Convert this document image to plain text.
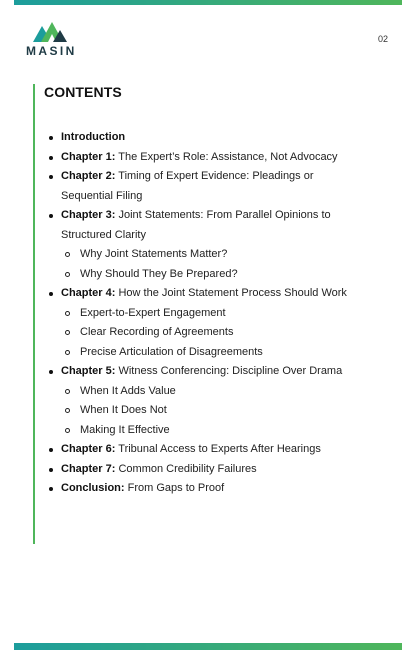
MASIN
02
CONTENTS
Introduction
Chapter 1: The Expert’s Role: Assistance, Not Advocacy
Chapter 2: Timing of Expert Evidence: Pleadings or Sequential Filing
Chapter 3: Joint Statements: From Parallel Opinions to Structured Clarity
Why Joint Statements Matter?
Why Should They Be Prepared?
Chapter 4: How the Joint Statement Process Should Work
Expert-to-Expert Engagement
Clear Recording of Agreements
Precise Articulation of Disagreements
Chapter 5: Witness Conferencing: Discipline Over Drama
When It Adds Value
When It Does Not
Making It Effective
Chapter 6: Tribunal Access to Experts After Hearings
Chapter 7: Common Credibility Failures
Conclusion: From Gaps to Proof
